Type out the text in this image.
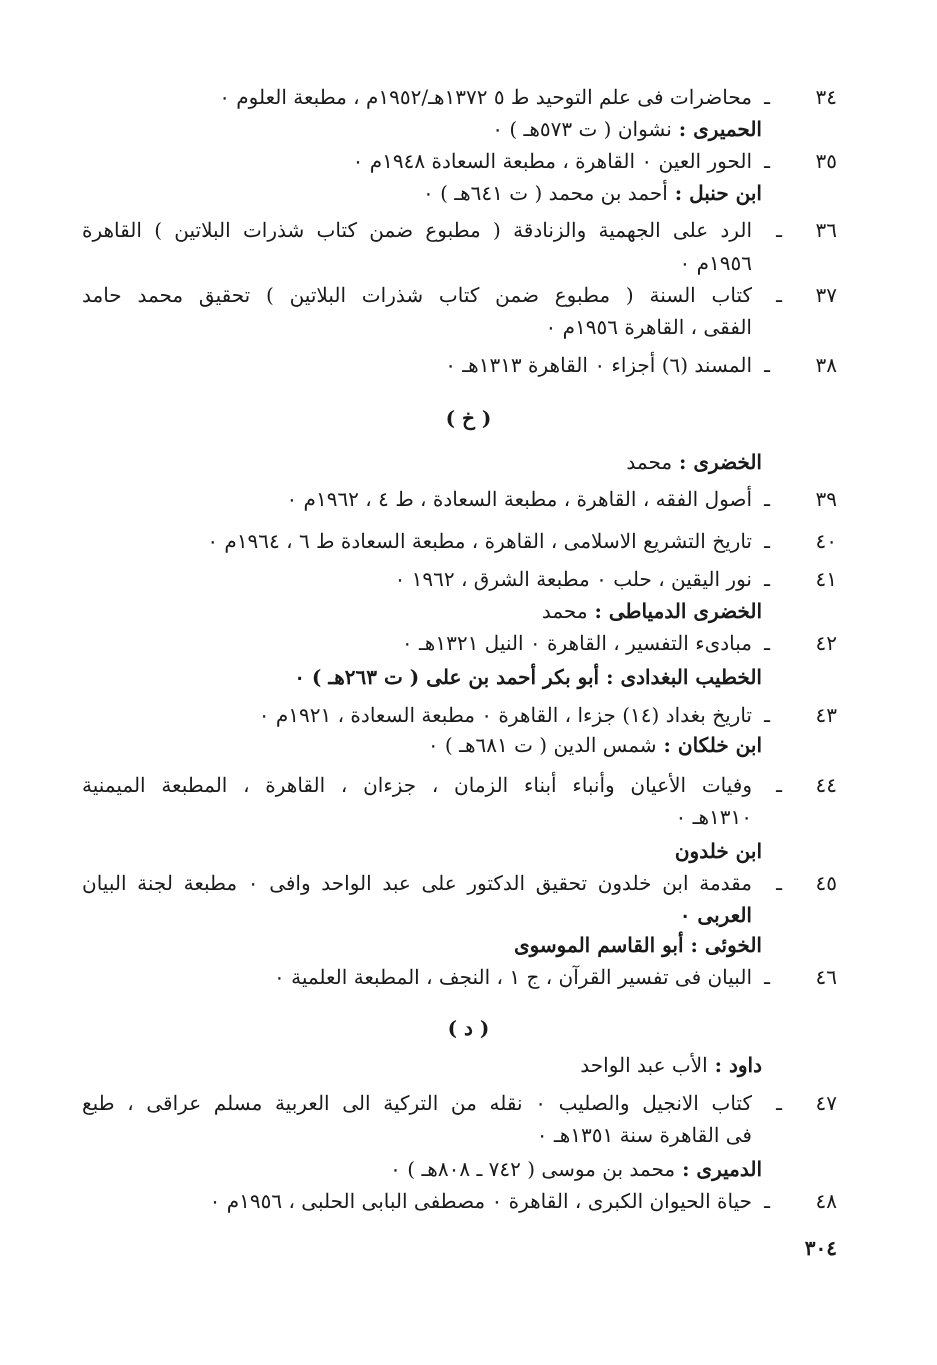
٣٤ـمحاضرات فى علم التوحيد ط ٥ ١٣٧٢هـ/١٩٥٢م ، مطبعة العلوم ٠
الحميرى : نشوان ( ت ٥٧٣هـ ) ٠
٣٥ـالحور العين ٠ القاهرة ، مطبعة السعادة ١٩٤٨م ٠
ابن حنبل : أحمد بن محمد ( ت ٦٤١هـ ) ٠
٣٦ـالرد على الجهمية والزنادقة ( مطبوع ضمن كتاب شذرات البلاتين ) القاهرة
١٩٥٦م ٠
٣٧ـكتاب السنة ( مطبوع ضمن كتاب شذرات البلاتين ) تحقيق محمد حامد
الفقى ، القاهرة ١٩٥٦م ٠
٣٨ـالمسند (٦) أجزاء ٠ القاهرة ١٣١٣هـ ٠
الخضرى : محمد
٣٩ـأصول الفقه ، القاهرة ، مطبعة السعادة ، ط ٤ ، ١٩٦٢م ٠
٤٠ـتاريخ التشريع الاسلامى ، القاهرة ، مطبعة السعادة ط ٦ ، ١٩٦٤م ٠
٤١ـنور اليقين ، حلب ٠ مطبعة الشرق ، ١٩٦٢ ٠
الخضرى الدمياطى : محمد
٤٢ـمبادىء التفسير ، القاهرة ٠ النيل ١٣٢١هـ ٠
الخطيب البغدادى : أبو بكر أحمد بن على ( ت ٢٦٣هـ ) ٠
٤٣ـتاريخ بغداد (١٤) جزءا ، القاهرة ٠ مطبعة السعادة ، ١٩٢١م ٠
ابن خلكان : شمس الدين ( ت ٦٨١هـ ) ٠
٤٤ـوفيات الأعيان وأنباء أبناء الزمان ، جزءان ، القاهرة ، المطبعة الميمنية
١٣١٠هـ ٠
ابن خلدون
٤٥ـمقدمة ابن خلدون تحقيق الدكتور على عبد الواحد وافى ٠ مطبعة لجنة البيان
العربى ٠
الخوئى : أبو القاسم الموسوى
٤٦ـالبيان فى تفسير القرآن ، ج ١ ، النجف ، المطبعة العلمية ٠
داود : الأب عبد الواحد
٤٧ـكتاب الانجيل والصليب ٠ نقله من التركية الى العربية مسلم عراقى ، طبع
فى القاهرة سنة ١٣٥١هـ ٠
الدميرى : محمد بن موسى ( ٧٤٢ ـ ٨٠٨هـ ) ٠
٤٨ـحياة الحيوان الكبرى ، القاهرة ٠ مصطفى البابى الحلبى ، ١٩٥٦م ٠
( خ )
( د )
٣٠٤
